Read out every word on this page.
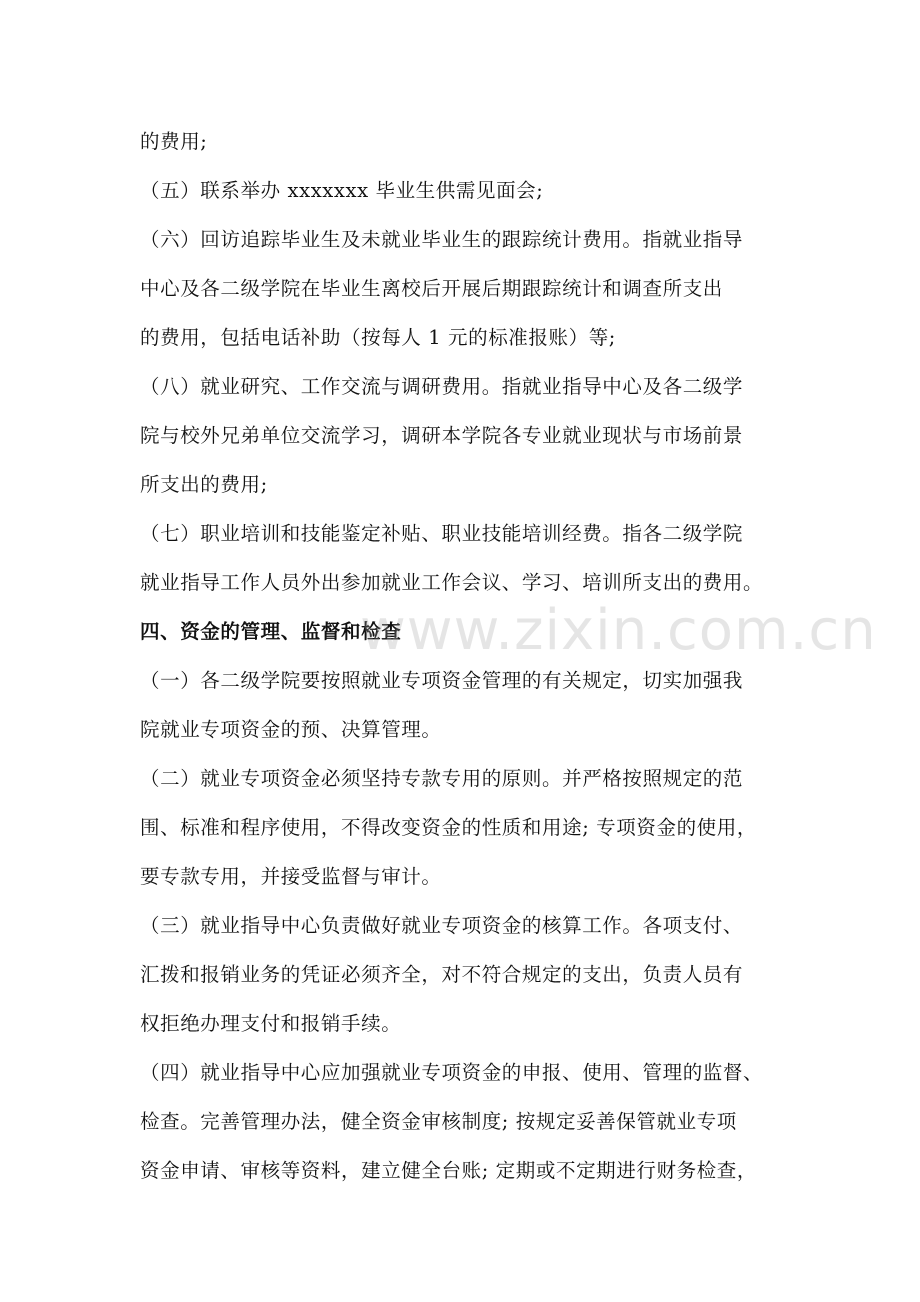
的费用;
（五）联系举办 xxxxxxx 毕业生供需见面会;
（六）回访追踪毕业生及未就业毕业生的跟踪统计费用。指就业指导
中心及各二级学院在毕业生离校后开展后期跟踪统计和调查所支出
的费用，包括电话补助（按每人 1 元的标准报账）等;
（八）就业研究、工作交流与调研费用。指就业指导中心及各二级学
院与校外兄弟单位交流学习，调研本学院各专业就业现状与市场前景
所支出的费用;
（七）职业培训和技能鉴定补贴、职业技能培训经费。指各二级学院
就业指导工作人员外出参加就业工作会议、学习、培训所支出的费用。
四、资金的管理、监督和检查
（一）各二级学院要按照就业专项资金管理的有关规定，切实加强我
院就业专项资金的预、决算管理。
（二）就业专项资金必须坚持专款专用的原则。并严格按照规定的范
围、标准和程序使用，不得改变资金的性质和用途; 专项资金的使用，
要专款专用，并接受监督与审计。
（三）就业指导中心负责做好就业专项资金的核算工作。各项支付、
汇拨和报销业务的凭证必须齐全，对不符合规定的支出，负责人员有
权拒绝办理支付和报销手续。
（四）就业指导中心应加强就业专项资金的申报、使用、管理的监督、
检查。完善管理办法，健全资金审核制度; 按规定妥善保管就业专项
资金申请、审核等资料，建立健全台账; 定期或不定期进行财务检查，
www.zixin.com.cn
